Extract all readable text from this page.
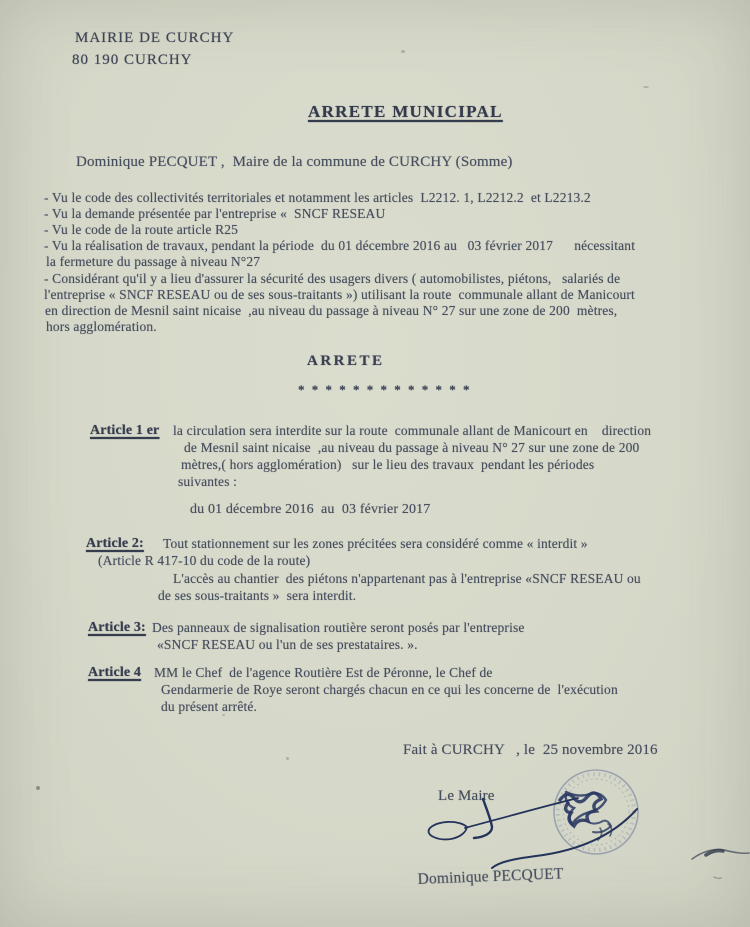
MAIRIE DE CURCHY
80 190 CURCHY
ARRETE MUNICIPAL
Dominique PECQUET ,  Maire de la commune de CURCHY (Somme)
- Vu le code des collectivités territoriales et notamment les articles  L2212. 1, L2212.2  et L2213.2
- Vu la demande présentée par l'entreprise «  SNCF RESEAU
- Vu le code de la route article R25
- Vu la réalisation de travaux, pendant la période  du 01 décembre 2016 au   03 février 2017      nécessitant
la fermeture du passage à niveau N°27
- Considérant qu'il y a lieu d'assurer la sécurité des usagers divers ( automobilistes, piétons,   salariés de
l'entreprise « SNCF RESEAU ou de ses sous-traitants ») utilisant la route  communale allant de Manicourt
en direction de Mesnil saint nicaise  ,au niveau du passage à niveau N° 27 sur une zone de 200  mètres,
hors agglomération.
ARRETE
* * * * * * * * * * * * *
Article 1 er la circulation sera interdite sur la route  communale allant de Manicourt en    direction
de Mesnil saint nicaise  ,au niveau du passage à niveau N° 27 sur une zone de 200
mètres,( hors agglomération)   sur le lieu des travaux  pendant les périodes
suivantes :
du 01 décembre 2016  au  03 février 2017
Article 2: Tout stationnement sur les zones précitées sera considéré comme « interdit »
(Article R 417-10 du code de la route)
L'accès au chantier  des piétons n'appartenant pas à l'entreprise «SNCF RESEAU ou
de ses sous-traitants »  sera interdit.
Article 3: Des panneaux de signalisation routière seront posés par l'entreprise
«SNCF RESEAU ou l'un de ses prestataires. ».
Article 4 MM le Chef  de l'agence Routière Est de Péronne, le Chef de
Gendarmerie de Roye seront chargés chacun en ce qui les concerne de  l'exécution
du présent arrêté.
Fait à CURCHY   , le  25 novembre 2016
Le Maire
Dominique PECQUET
